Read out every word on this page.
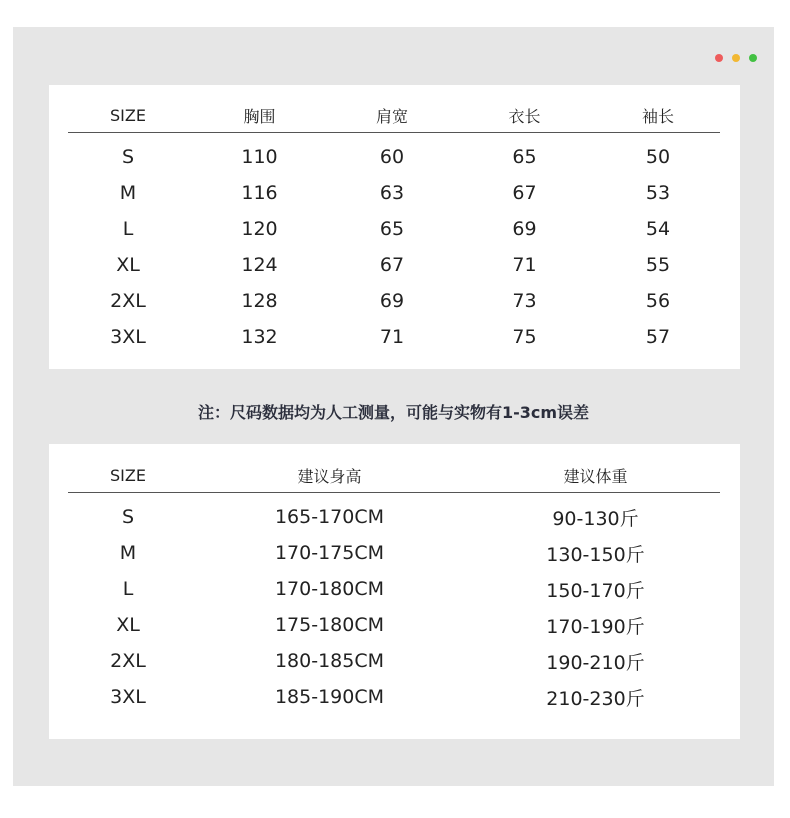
SIZE	胸围	肩宽	衣长	袖长
S	110	60	65	50
M	116	63	67	53
L	120	65	69	54
XL	124	67	71	55
2XL	128	69	73	56
3XL	132	71	75	57
注：尺码数据均为人工测量，可能与实物有1-3cm误差
SIZE	建议身高	建议体重
S	165-170CM	90-130斤
M	170-175CM	130-150斤
L	170-180CM	150-170斤
XL	175-180CM	170-190斤
2XL	180-185CM	190-210斤
3XL	185-190CM	210-230斤
